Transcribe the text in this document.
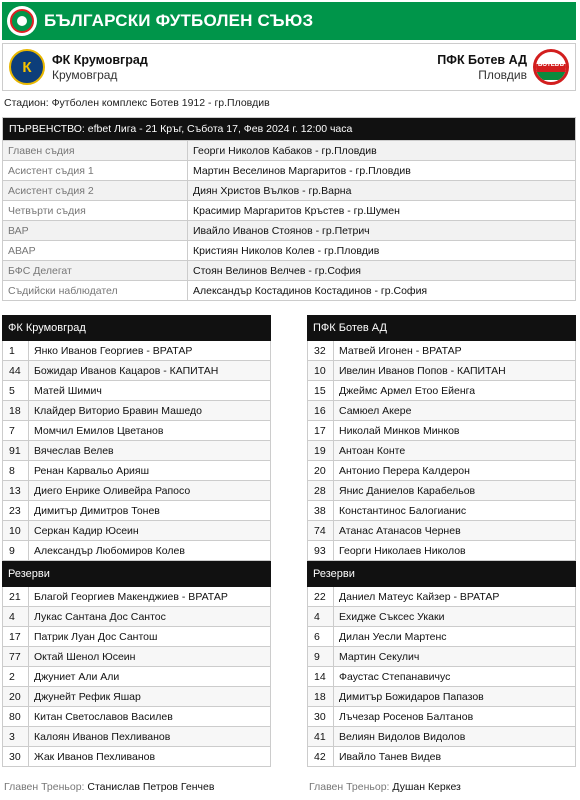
БЪЛГАРСКИ ФУТБОЛЕН СЪЮЗ
К ФК Крумовград
Крумовград
ПФК Ботев АД
Пловдив
БОТЕВЪ
Стадион: Футболен комплекс Ботев 1912 - гр.Пловдив
ПЪРВЕНСТВО: efbet Лига - 21 Кръг, Събота 17, Фев 2024 г. 12:00 часа
Главен съдия	Георги Николов Кабаков - гр.Пловдив
Асистент съдия 1	Мартин Веселинов Маргаритов - гр.Пловдив
Асистент съдия 2	Диян Христов Вълков - гр.Варна
Четвърти съдия	Красимир Маргаритов Кръстев - гр.Шумен
ВАР	Ивайло Иванов Стоянов - гр.Петрич
АВАР	Кристиян Николов Колев - гр.Пловдив
БФС Делегат	Стоян Велинов Велчев - гр.София
Съдийски наблюдател	Александър Костадинов Костадинов - гр.София
ФК Крумовград
1	Янко Иванов Георгиев - ВРАТАР
44	Божидар Иванов Кацаров - КАПИТАН
5	Матей Шимич
18	Клайдер Виторио Бравин Машедо
7	Момчил Емилов Цветанов
91	Вячеслав Велев
8	Ренан Карвальо Арияш
13	Диего Енрике Оливейра Рапосо
23	Димитър Димитров Тонев
10	Серкан Кадир Юсеин
9	Александър Любомиров Колев
Резерви
21	Благой Георгиев Макенджиев - ВРАТАР
4	Лукас Сантана Дос Сантос
17	Патрик Луан Дос Сантош
77	Октай Шенол Юсеин
2	Джуниет Али Али
20	Джунейт Рефик Яшар
80	Китан Светославов Василев
3	Калоян Иванов Пехливанов
30	Жак Иванов Пехливанов
ПФК Ботев АД
32	Матвей Игонен - ВРАТАР
10	Ивелин Иванов Попов - КАПИТАН
15	Джеймс Армел Етоо Ейенга
16	Самюел Акере
17	Николай Минков Минков
19	Антоан Конте
20	Антонио Перера Калдерон
28	Янис Даниелов Карабельов
38	Константинос Балогианис
74	Атанас Атанасов Чернев
93	Георги Николаев Николов
Резерви
22	Даниел Матеус Кайзер - ВРАТАР
4	Ехидже Съксес Укаки
6	Дилан Уесли Мартенс
9	Мартин Секулич
14	Фаустас Степанавичус
18	Димитър Божидаров Папазов
30	Лъчезар Росенов Балтанов
41	Велиян Видолов Видолов
42	Ивайло Танев Видев
Главен Треньор: Станислав Петров Генчев	Главен Треньор: Душан Керкез
